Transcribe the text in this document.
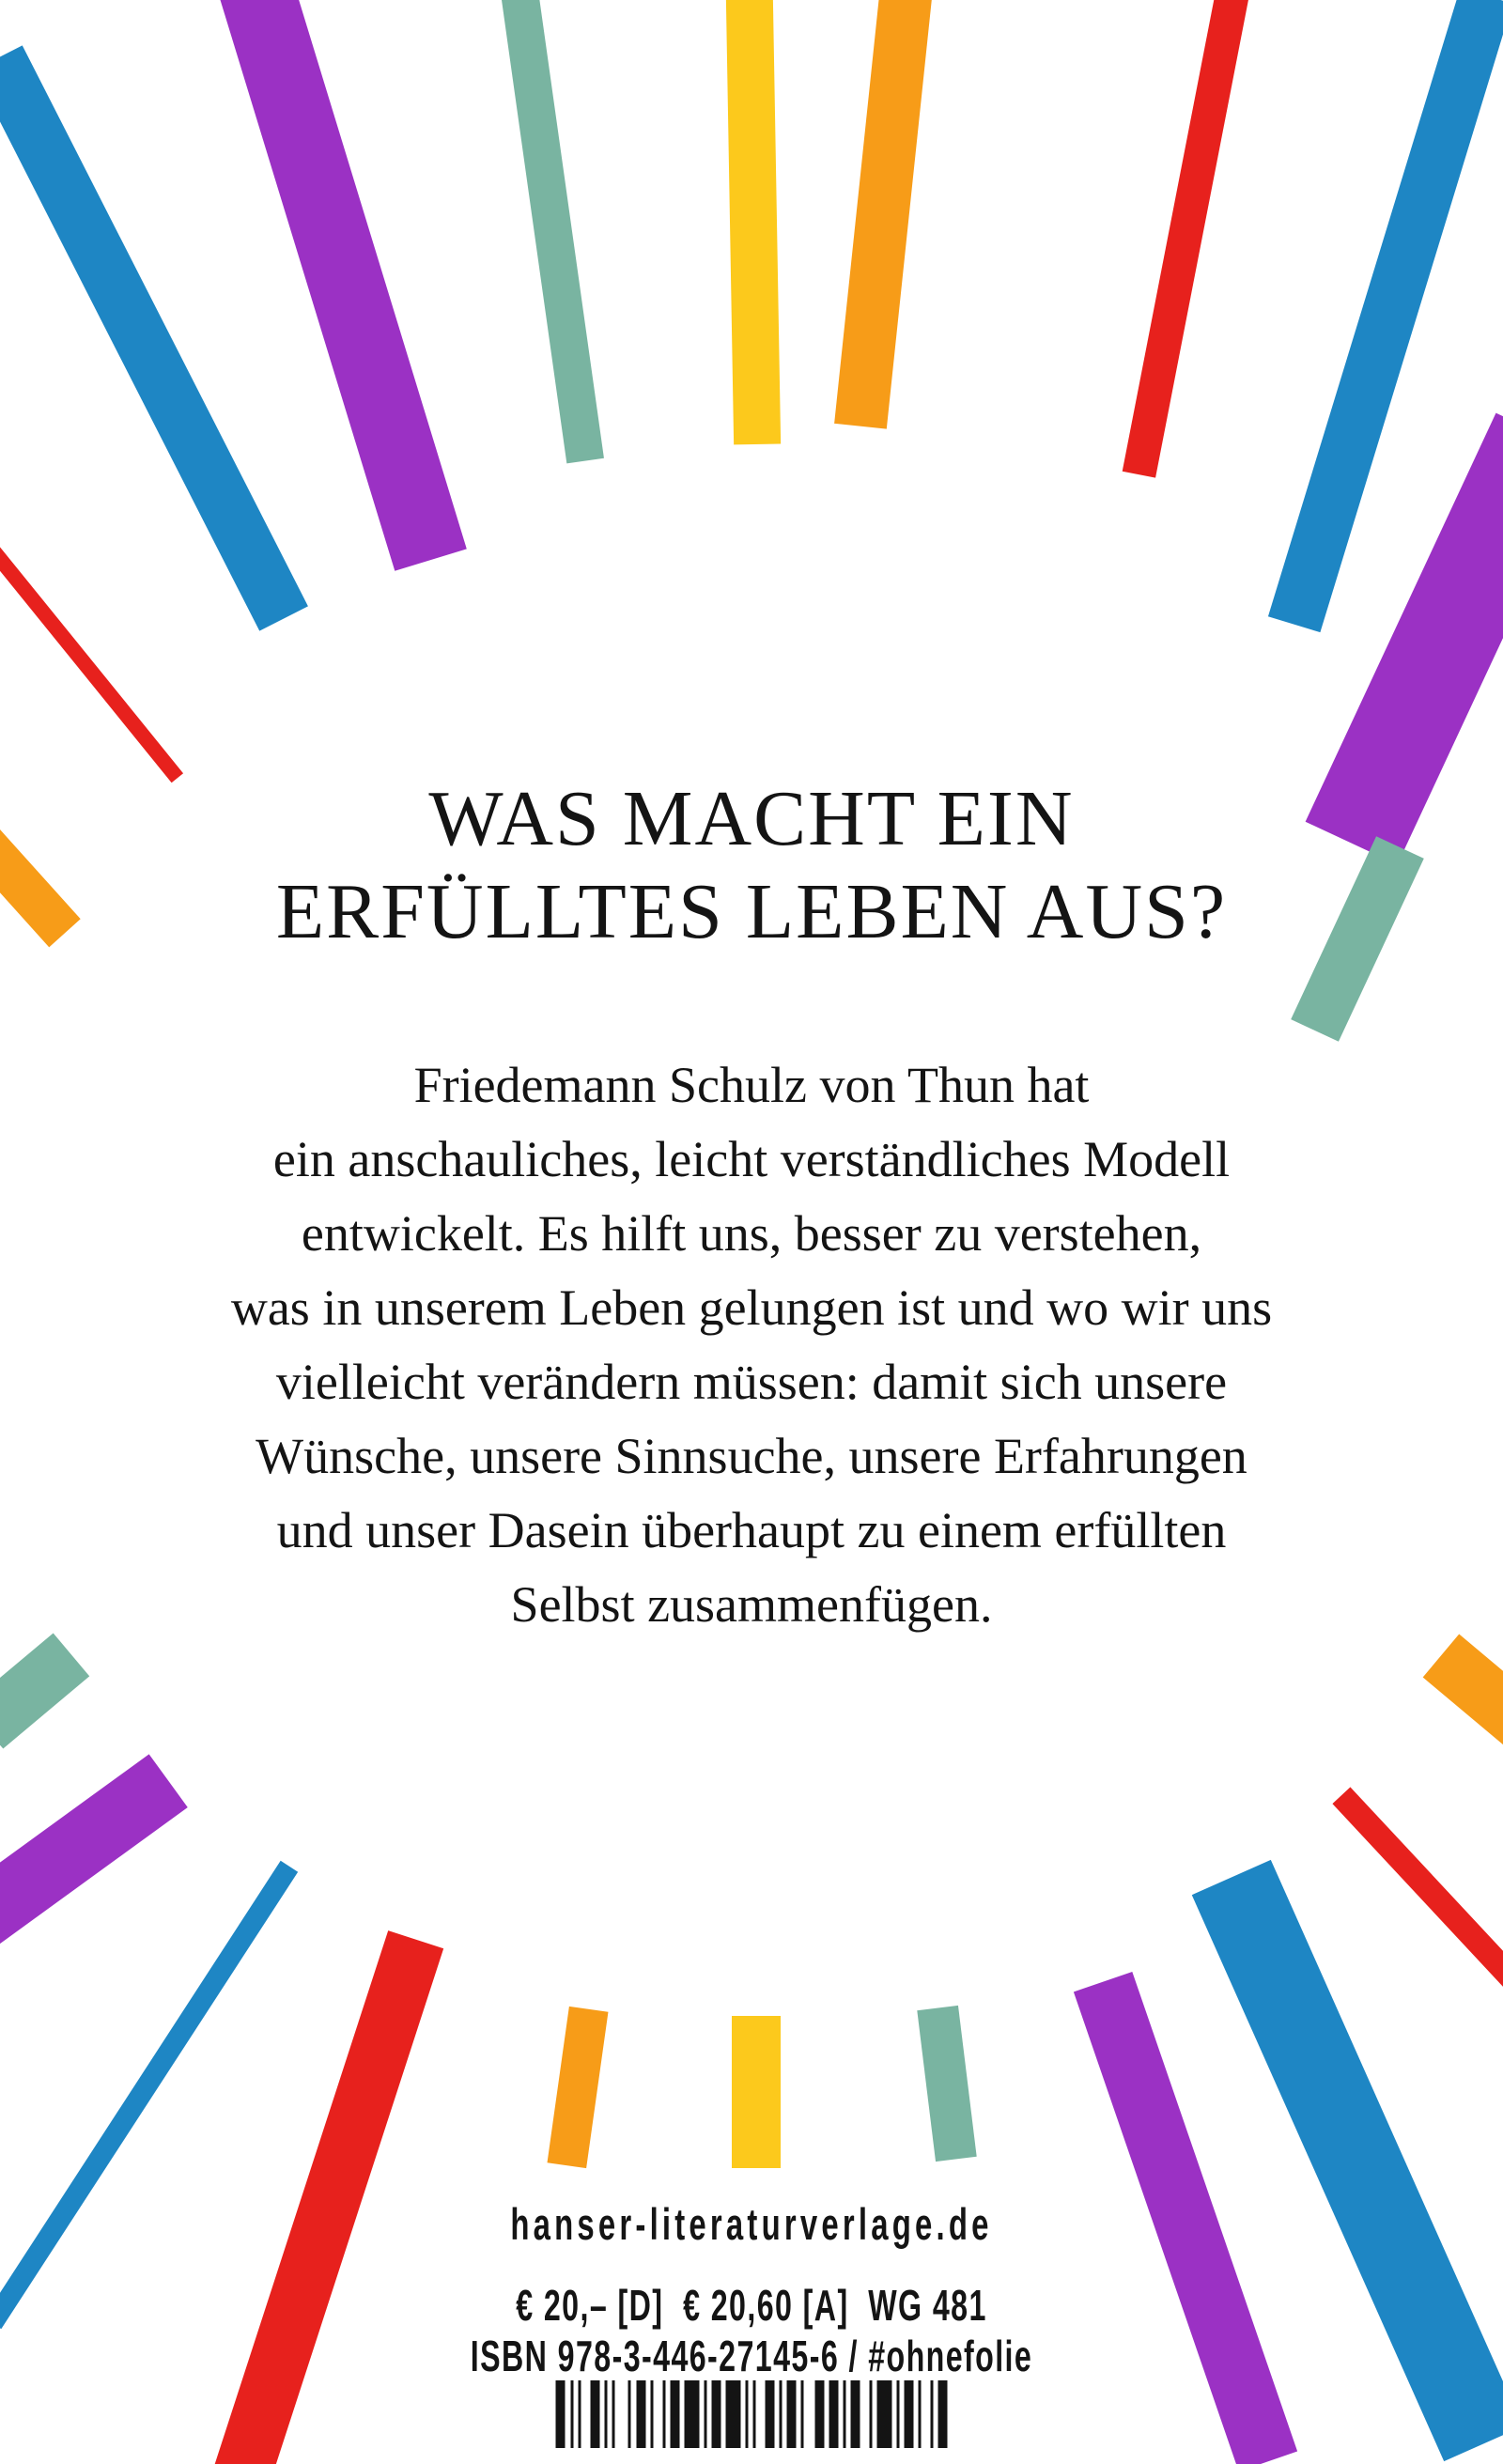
WAS MACHT EIN
ERFÜLLTES LEBEN AUS?
Friedemann Schulz von Thun hat
ein anschauliches, leicht verständliches Modell
entwickelt. Es hilft uns, besser zu verstehen,
was in unserem Leben gelungen ist und wo wir uns
vielleicht verändern müssen: damit sich unsere
Wünsche, unsere Sinnsuche, unsere Erfahrungen
und unser Dasein überhaupt zu einem erfüllten
Selbst zusammenfügen.
hanser-literaturverlage.de
€ 20,– [D]  € 20,60 [A]  WG 481
ISBN 978-3-446-27145-6 / #ohnefolie
